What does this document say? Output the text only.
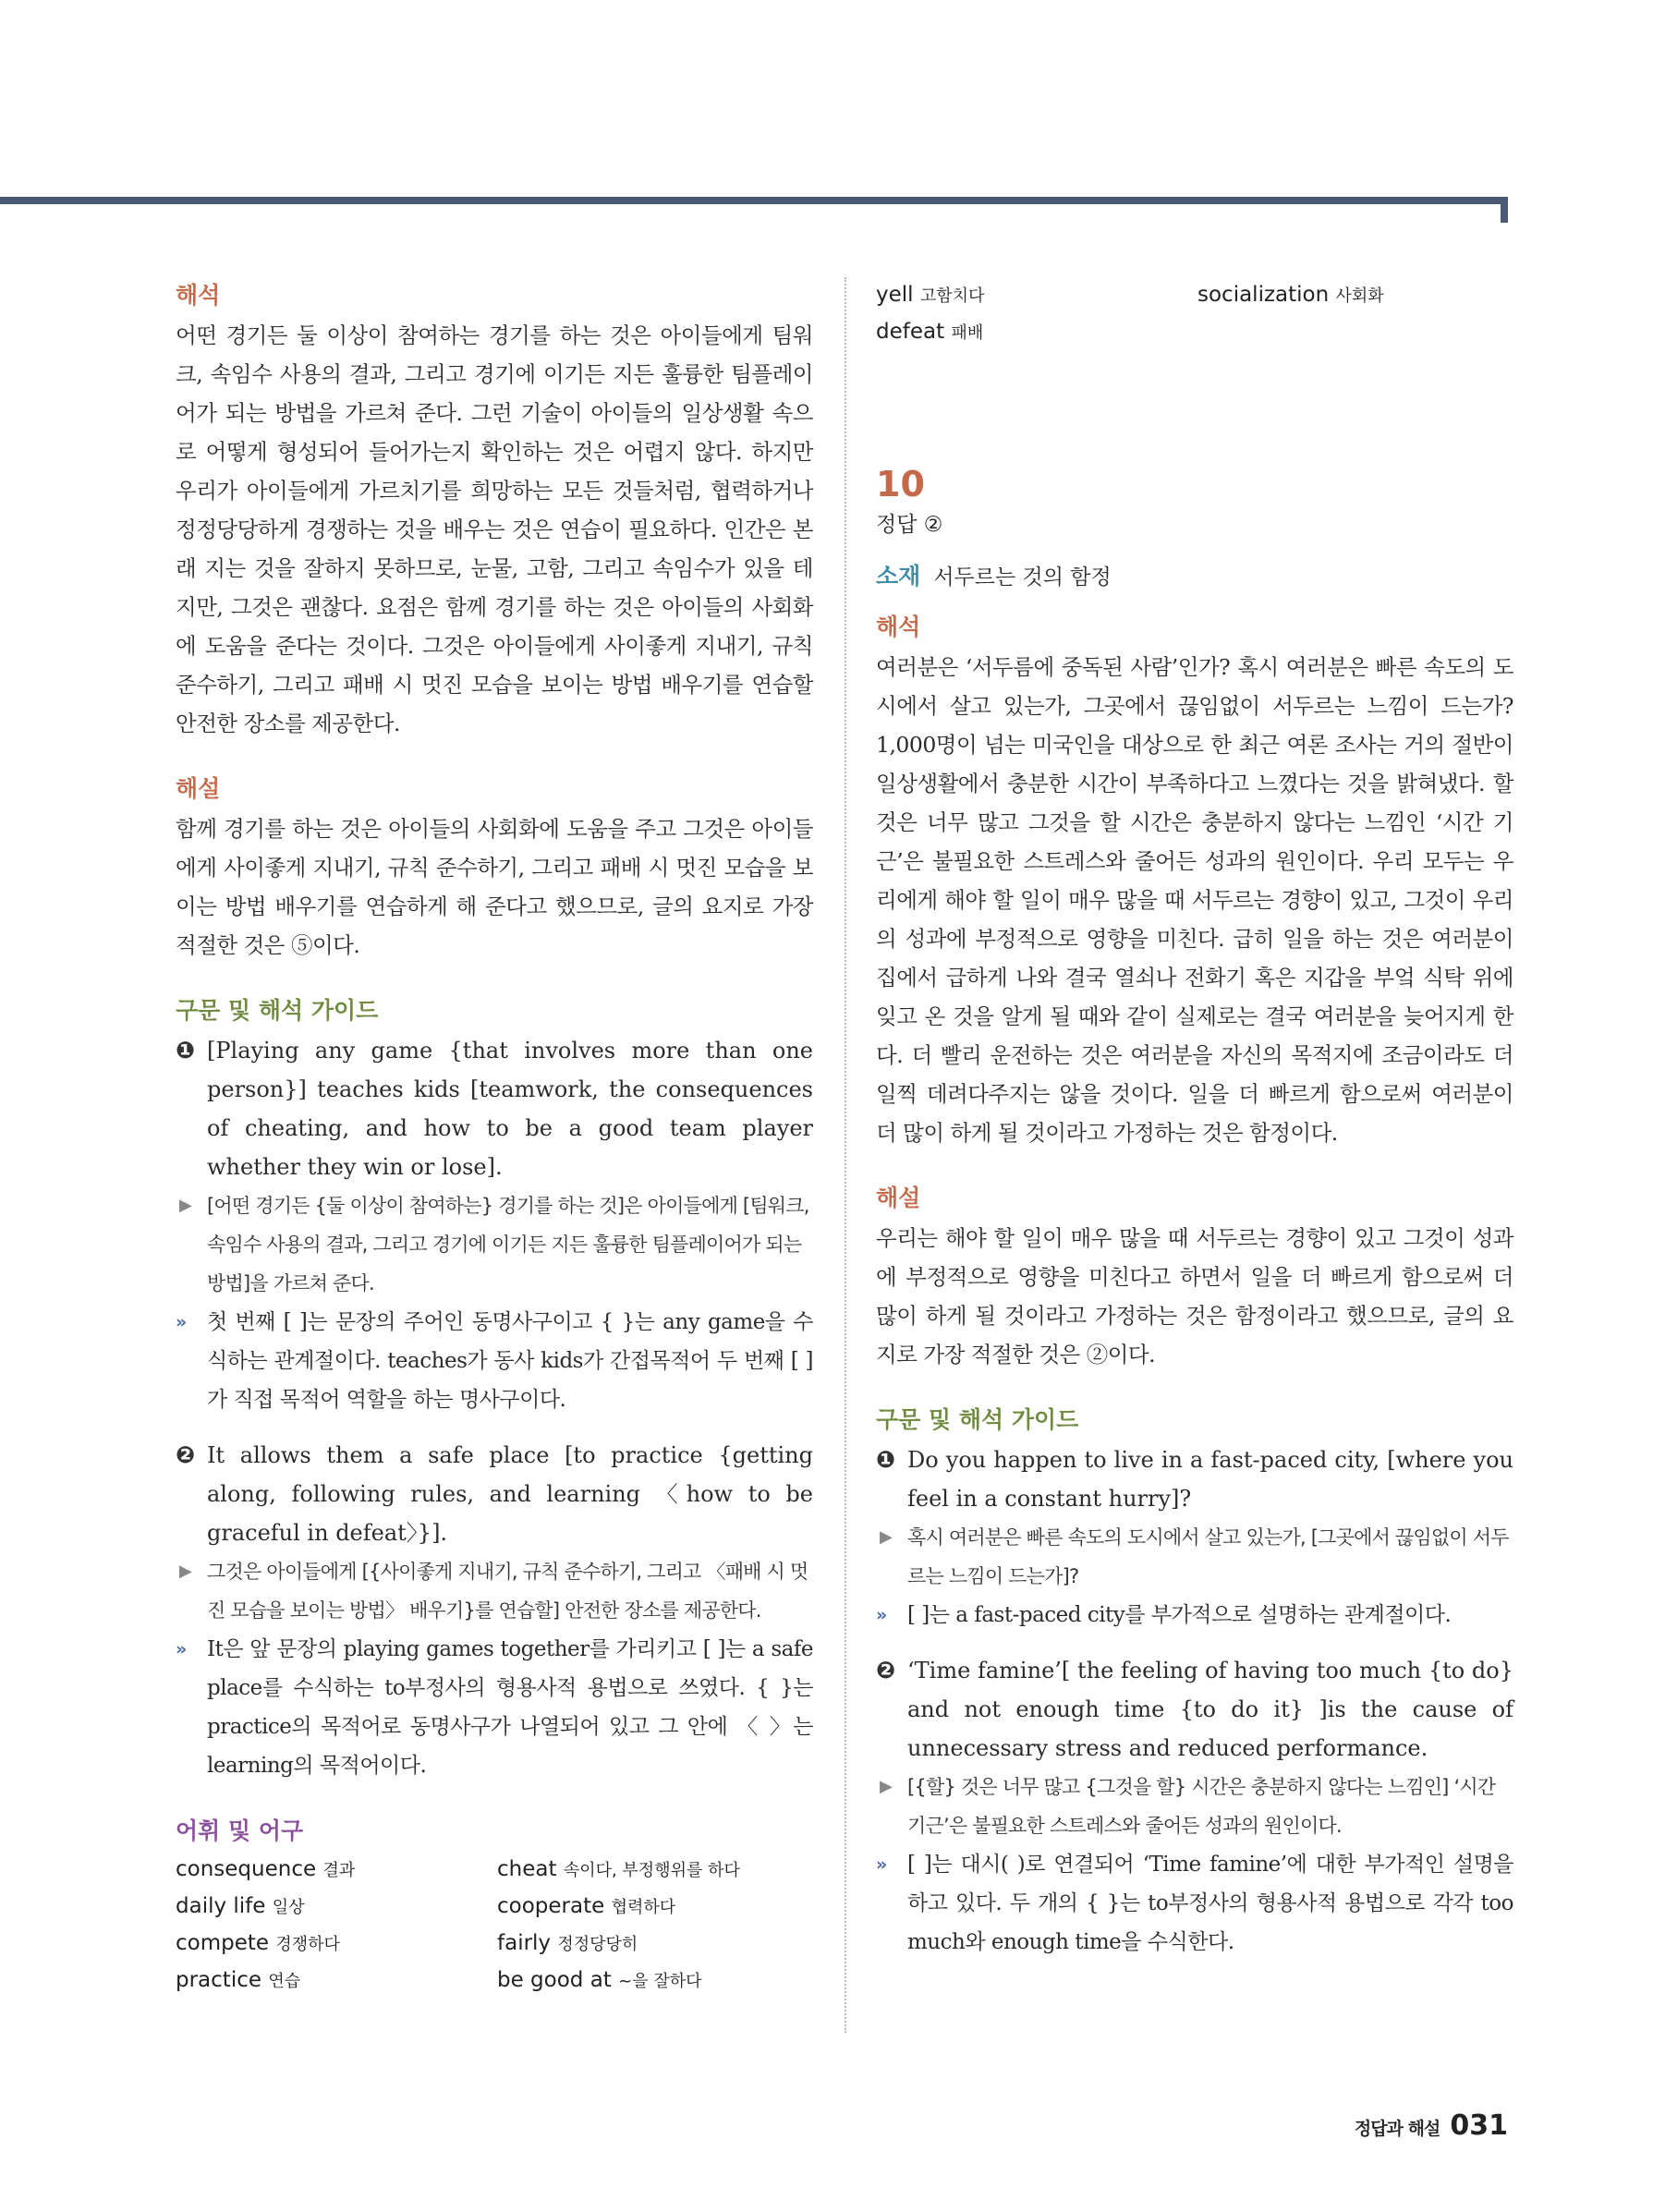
해석

어떤 경기든 둘 이상이 참여하는 경기를 하는 것은 아이들에게 팀워크, 속임수 사용의 결과, 그리고 경기에 이기든 지든 훌륭한 팀플레이어가 되는 방법을 가르쳐 준다. 그런 기술이 아이들의 일상생활 속으로 어떻게 형성되어 들어가는지 확인하는 것은 어렵지 않다. 하지만 우리가 아이들에게 가르치기를 희망하는 모든 것들처럼, 협력하거나 정정당당하게 경쟁하는 것을 배우는 것은 연습이 필요하다. 인간은 본래 지는 것을 잘하지 못하므로, 눈물, 고함, 그리고 속임수가 있을 테지만, 그것은 괜찮다. 요점은 함께 경기를 하는 것은 아이들의 사회화에 도움을 준다는 것이다. 그것은 아이들에게 사이좋게 지내기, 규칙 준수하기, 그리고 패배 시 멋진 모습을 보이는 방법 배우기를 연습할 안전한 장소를 제공한다.

해설

함께 경기를 하는 것은 아이들의 사회화에 도움을 주고 그것은 아이들에게 사이좋게 지내기, 규칙 준수하기, 그리고 패배 시 멋진 모습을 보이는 방법 배우기를 연습하게 해 준다고 했으므로, 글의 요지로 가장 적절한 것은 ⑤이다.

구문 및 해석 가이드
❶ [Playing any game {that involves more than one person}] teaches kids [teamwork, the consequences of cheating, and how to be a good team player whether they win or lose].
▶ [어떤 경기든 {둘 이상이 참여하는} 경기를 하는 것]은 아이들에게 [팀워크, 속임수 사용의 결과, 그리고 경기에 이기든 지든 훌륭한 팀플레이어가 되는 방법]을 가르쳐 준다.
» 첫 번째 [ ]는 문장의 주어인 동명사구이고 { }는 any game을 수식하는 관계절이다. teaches가 동사 kids가 간접목적어 두 번째 [ ]가 직접 목적어 역할을 하는 명사구이다.
❷ It allows them a safe place [to practice {getting along, following rules, and learning 〈how to be graceful in defeat〉}].
▶ 그것은 아이들에게 [{사이좋게 지내기, 규칙 준수하기, 그리고 〈패배 시 멋진 모습을 보이는 방법〉 배우기}를 연습할] 안전한 장소를 제공한다.
» It은 앞 문장의 playing games together를 가리키고 [ ]는 a safe place를 수식하는 to부정사의 형용사적 용법으로 쓰였다. { }는 practice의 목적어로 동명사구가 나열되어 있고 그 안에 〈 〉는 learning의 목적어이다.
어휘 및 어구
consequence 결과	cheat 속이다, 부정행위를 하다
daily life 일상	cooperate 협력하다
compete 경쟁하다	fairly 정정당당히
practice 연습	be good at ~을 잘하다
yell 고함치다	socialization 사회화
defeat 패배
10
정답 ②
소재 서두르는 것의 함정
해석

여러분은 ‘서두름에 중독된 사람’인가? 혹시 여러분은 빠른 속도의 도시에서 살고 있는가, 그곳에서 끊임없이 서두르는 느낌이 드는가? 1,000명이 넘는 미국인을 대상으로 한 최근 여론 조사는 거의 절반이 일상생활에서 충분한 시간이 부족하다고 느꼈다는 것을 밝혀냈다. 할 것은 너무 많고 그것을 할 시간은 충분하지 않다는 느낌인 ‘시간 기근’은 불필요한 스트레스와 줄어든 성과의 원인이다. 우리 모두는 우리에게 해야 할 일이 매우 많을 때 서두르는 경향이 있고, 그것이 우리의 성과에 부정적으로 영향을 미친다. 급히 일을 하는 것은 여러분이 집에서 급하게 나와 결국 열쇠나 전화기 혹은 지갑을 부엌 식탁 위에 잊고 온 것을 알게 될 때와 같이 실제로는 결국 여러분을 늦어지게 한다. 더 빨리 운전하는 것은 여러분을 자신의 목적지에 조금이라도 더 일찍 데려다주지는 않을 것이다. 일을 더 빠르게 함으로써 여러분이 더 많이 하게 될 것이라고 가정하는 것은 함정이다.

해설

우리는 해야 할 일이 매우 많을 때 서두르는 경향이 있고 그것이 성과에 부정적으로 영향을 미친다고 하면서 일을 더 빠르게 함으로써 더 많이 하게 될 것이라고 가정하는 것은 함정이라고 했으므로, 글의 요지로 가장 적절한 것은 ②이다.

구문 및 해석 가이드
❶ Do you happen to live in a fast-paced city, [where you feel in a constant hurry]?
▶ 혹시 여러분은 빠른 속도의 도시에서 살고 있는가, [그곳에서 끊임없이 서두르는 느낌이 드는가]?
» [ ]는 a fast-paced city를 부가적으로 설명하는 관계절이다.
❷ ‘Time famine’[ the feeling of having too much {to do} and not enough time {to do it} ]is the cause of unnecessary stress and reduced performance.
▶ [{할} 것은 너무 많고 {그것을 할} 시간은 충분하지 않다는 느낌인] ‘시간 기근’은 불필요한 스트레스와 줄어든 성과의 원인이다.
» [ ]는 대시( )로 연결되어 ‘Time famine’에 대한 부가적인 설명을 하고 있다. 두 개의 { }는 to부정사의 형용사적 용법으로 각각 too much와 enough time을 수식한다.
정답과 해설 031
